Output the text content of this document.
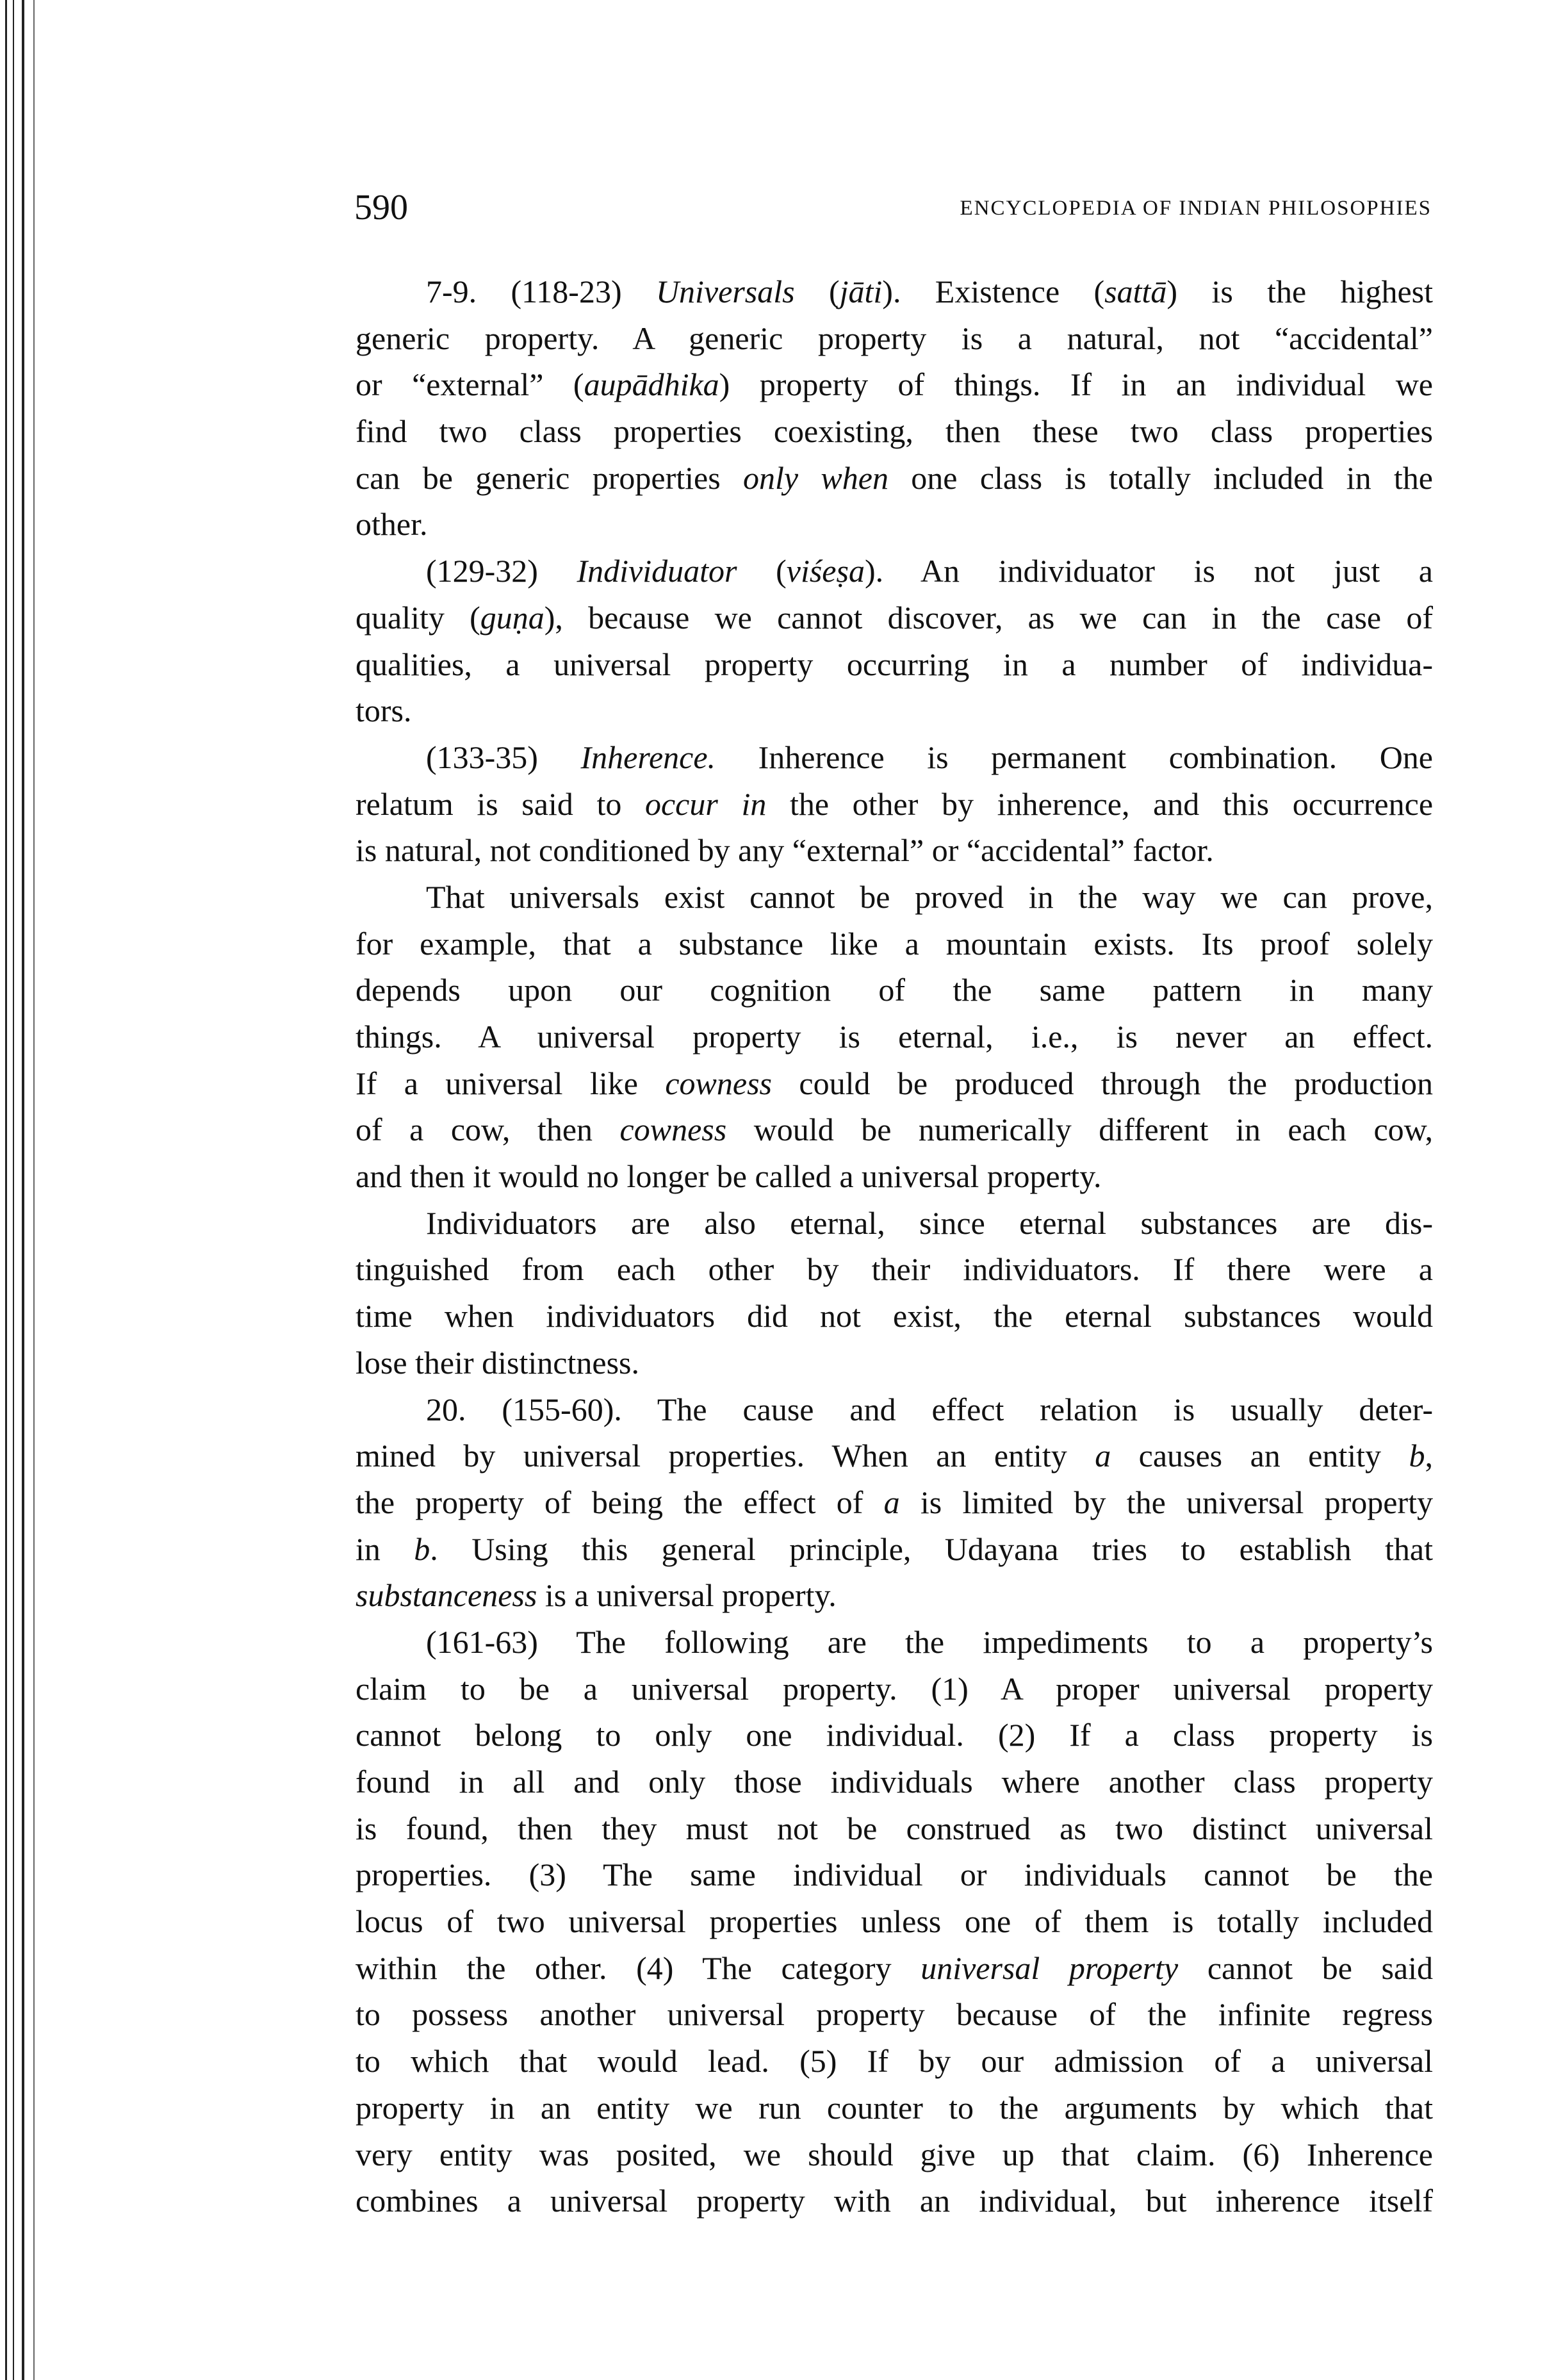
590	ENCYCLOPEDIA OF INDIAN PHILOSOPHIES
7-9. (118-23) Universals (jāti). Existence (sattā) is the highest
generic property. A generic property is a natural, not “accidental”
or “external” (aupādhika) property of things. If in an individual we
find two class properties coexisting, then these two class properties
can be generic properties only when one class is totally included in the
other.
(129-32) Individuator (viśeṣa). An individuator is not just a
quality (guṇa), because we cannot discover, as we can in the case of
qualities, a universal property occurring in a number of individua-
tors.
(133-35) Inherence. Inherence is permanent combination. One
relatum is said to occur in the other by inherence, and this occurrence
is natural, not conditioned by any “external” or “accidental” factor.
That universals exist cannot be proved in the way we can prove,
for example, that a substance like a mountain exists. Its proof solely
depends upon our cognition of the same pattern in many
things. A universal property is eternal, i.e., is never an effect.
If a universal like cowness could be produced through the production
of a cow, then cowness would be numerically different in each cow,
and then it would no longer be called a universal property.
Individuators are also eternal, since eternal substances are dis-
tinguished from each other by their individuators. If there were a
time when individuators did not exist, the eternal substances would
lose their distinctness.
20. (155-60). The cause and effect relation is usually deter-
mined by universal properties. When an entity a causes an entity b,
the property of being the effect of a is limited by the universal property
in b. Using this general principle, Udayana tries to establish that
substanceness is a universal property.
(161-63) The following are the impediments to a property’s
claim to be a universal property. (1) A proper universal property
cannot belong to only one individual. (2) If a class property is
found in all and only those individuals where another class property
is found, then they must not be construed as two distinct universal
properties. (3) The same individual or individuals cannot be the
locus of two universal properties unless one of them is totally included
within the other. (4) The category universal property cannot be said
to possess another universal property because of the infinite regress
to which that would lead. (5) If by our admission of a universal
property in an entity we run counter to the arguments by which that
very entity was posited, we should give up that claim. (6) Inherence
combines a universal property with an individual, but inherence itself
